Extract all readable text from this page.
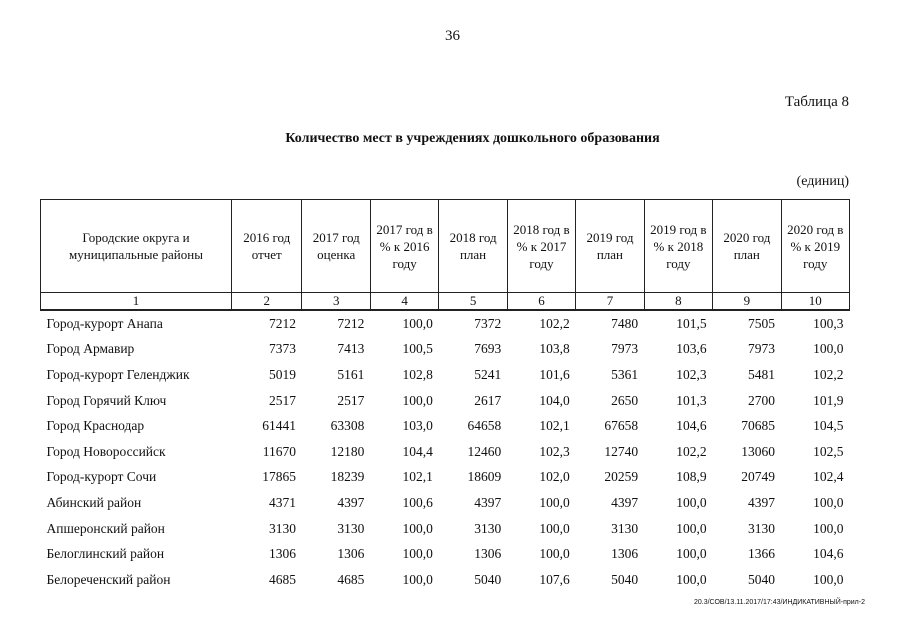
36
Таблица 8
Количество мест в учреждениях дошкольного образования
(единиц)
Городские округа и муниципальные районы	2016 год отчет	2017 год оценка	2017 год в % к 2016 году	2018 год план	2018 год в % к 2017 году	2019 год план	2019 год в % к 2018 году	2020 год план	2020 год в % к 2019 году
1	2	3	4	5	6	7	8	9	10
Город-курорт Анапа	7212	7212	100,0	7372	102,2	7480	101,5	7505	100,3
Город Армавир	7373	7413	100,5	7693	103,8	7973	103,6	7973	100,0
Город-курорт Геленджик	5019	5161	102,8	5241	101,6	5361	102,3	5481	102,2
Город Горячий Ключ	2517	2517	100,0	2617	104,0	2650	101,3	2700	101,9
Город Краснодар	61441	63308	103,0	64658	102,1	67658	104,6	70685	104,5
Город Новороссийск	11670	12180	104,4	12460	102,3	12740	102,2	13060	102,5
Город-курорт Сочи	17865	18239	102,1	18609	102,0	20259	108,9	20749	102,4
Абинский район	4371	4397	100,6	4397	100,0	4397	100,0	4397	100,0
Апшеронский район	3130	3130	100,0	3130	100,0	3130	100,0	3130	100,0
Белоглинский район	1306	1306	100,0	1306	100,0	1306	100,0	1366	104,6
Белореченский район	4685	4685	100,0	5040	107,6	5040	100,0	5040	100,0
20.3/СОВ/13.11.2017/17:43/ИНДИКАТИВНЫЙ-прил-2
